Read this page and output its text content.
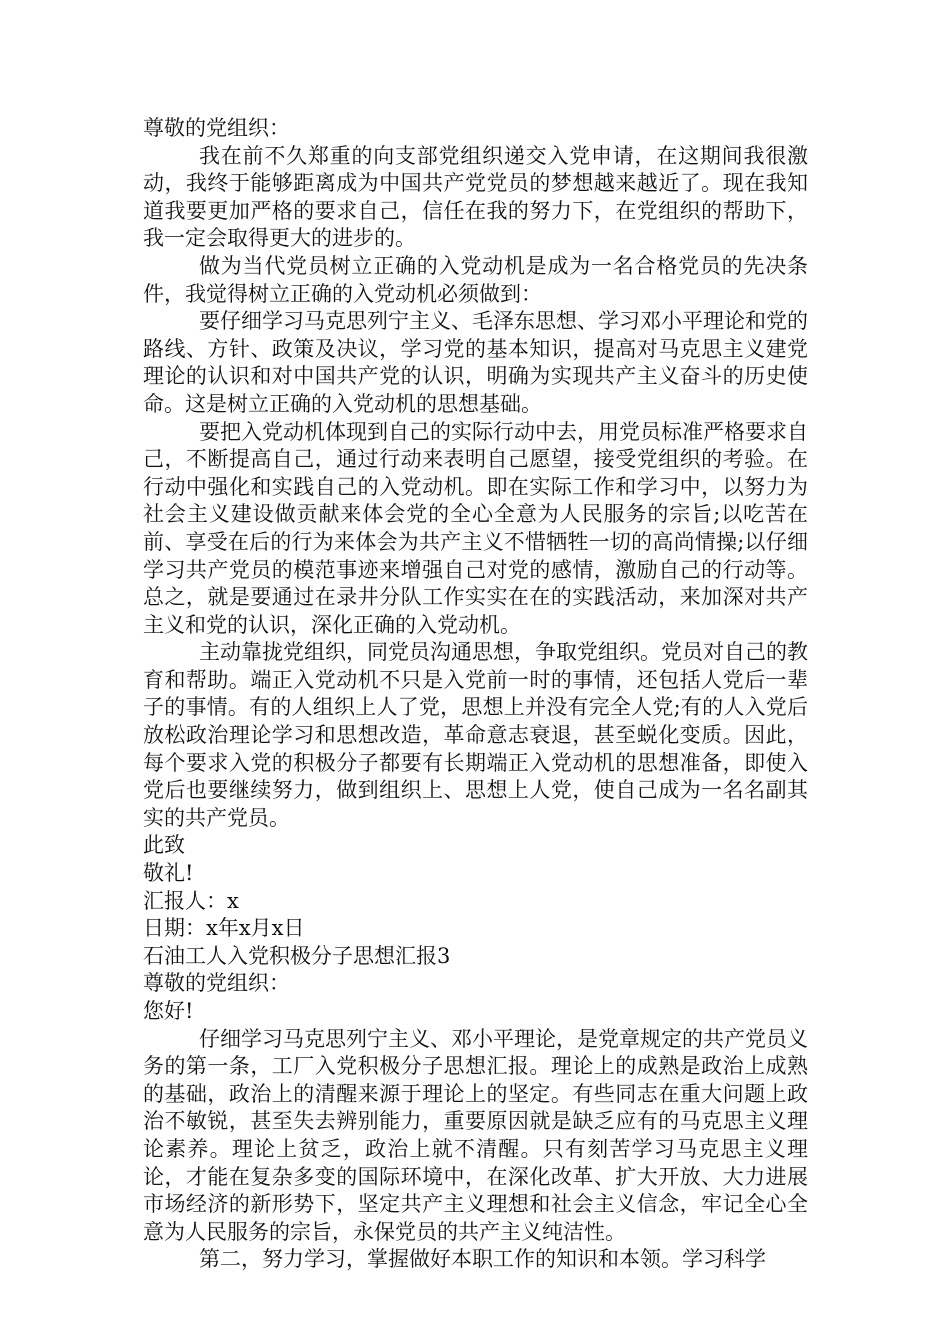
尊敬的党组织：

我在前不久郑重的向支部党组织递交入党申请，在这期间我很激动，我终于能够距离成为中国共产党党员的梦想越来越近了。现在我知道我要更加严格的要求自己，信任在我的努力下，在党组织的帮助下，我一定会取得更大的进步的。

做为当代党员树立正确的入党动机是成为一名合格党员的先决条件，我觉得树立正确的入党动机必须做到：

要仔细学习马克思列宁主义、毛泽东思想、学习邓小平理论和党的路线、方针、政策及决议，学习党的基本知识，提高对马克思主义建党理论的认识和对中国共产党的认识，明确为实现共产主义奋斗的历史使命。这是树立正确的入党动机的思想基础。

要把入党动机体现到自己的实际行动中去，用党员标准严格要求自己，不断提高自己，通过行动来表明自己愿望，接受党组织的考验。在行动中强化和实践自己的入党动机。即在实际工作和学习中，以努力为社会主义建设做贡献来体会党的全心全意为人民服务的宗旨;以吃苦在前、享受在后的行为来体会为共产主义不惜牺牲一切的高尚情操;以仔细学习共产党员的模范事迹来增强自己对党的感情，激励自己的行动等。总之，就是要通过在录井分队工作实实在在的实践活动，来加深对共产主义和党的认识，深化正确的入党动机。

主动靠拢党组织，同党员沟通思想，争取党组织。党员对自己的教育和帮助。端正入党动机不只是入党前一时的事情，还包括人党后一辈子的事情。有的人组织上人了党，思想上并没有完全人党;有的人入党后放松政治理论学习和思想改造，革命意志衰退，甚至蜕化变质。因此，每个要求入党的积极分子都要有长期端正入党动机的思想准备，即使入党后也要继续努力，做到组织上、思想上人党，使自己成为一名名副其实的共产党员。

此致

敬礼!

汇报人：x

日期：x年x月x日

石油工人入党积极分子思想汇报3

尊敬的党组织：

您好!

仔细学习马克思列宁主义、邓小平理论，是党章规定的共产党员义务的第一条，工厂入党积极分子思想汇报。理论上的成熟是政治上成熟的基础，政治上的清醒来源于理论上的坚定。有些同志在重大问题上政治不敏锐，甚至失去辨别能力，重要原因就是缺乏应有的马克思主义理论素养。理论上贫乏，政治上就不清醒。只有刻苦学习马克思主义理论，才能在复杂多变的国际环境中，在深化改革、扩大开放、大力进展市场经济的新形势下，坚定共产主义理想和社会主义信念，牢记全心全意为人民服务的宗旨，永保党员的共产主义纯洁性。

第二，努力学习，掌握做好本职工作的知识和本领。学习科学
